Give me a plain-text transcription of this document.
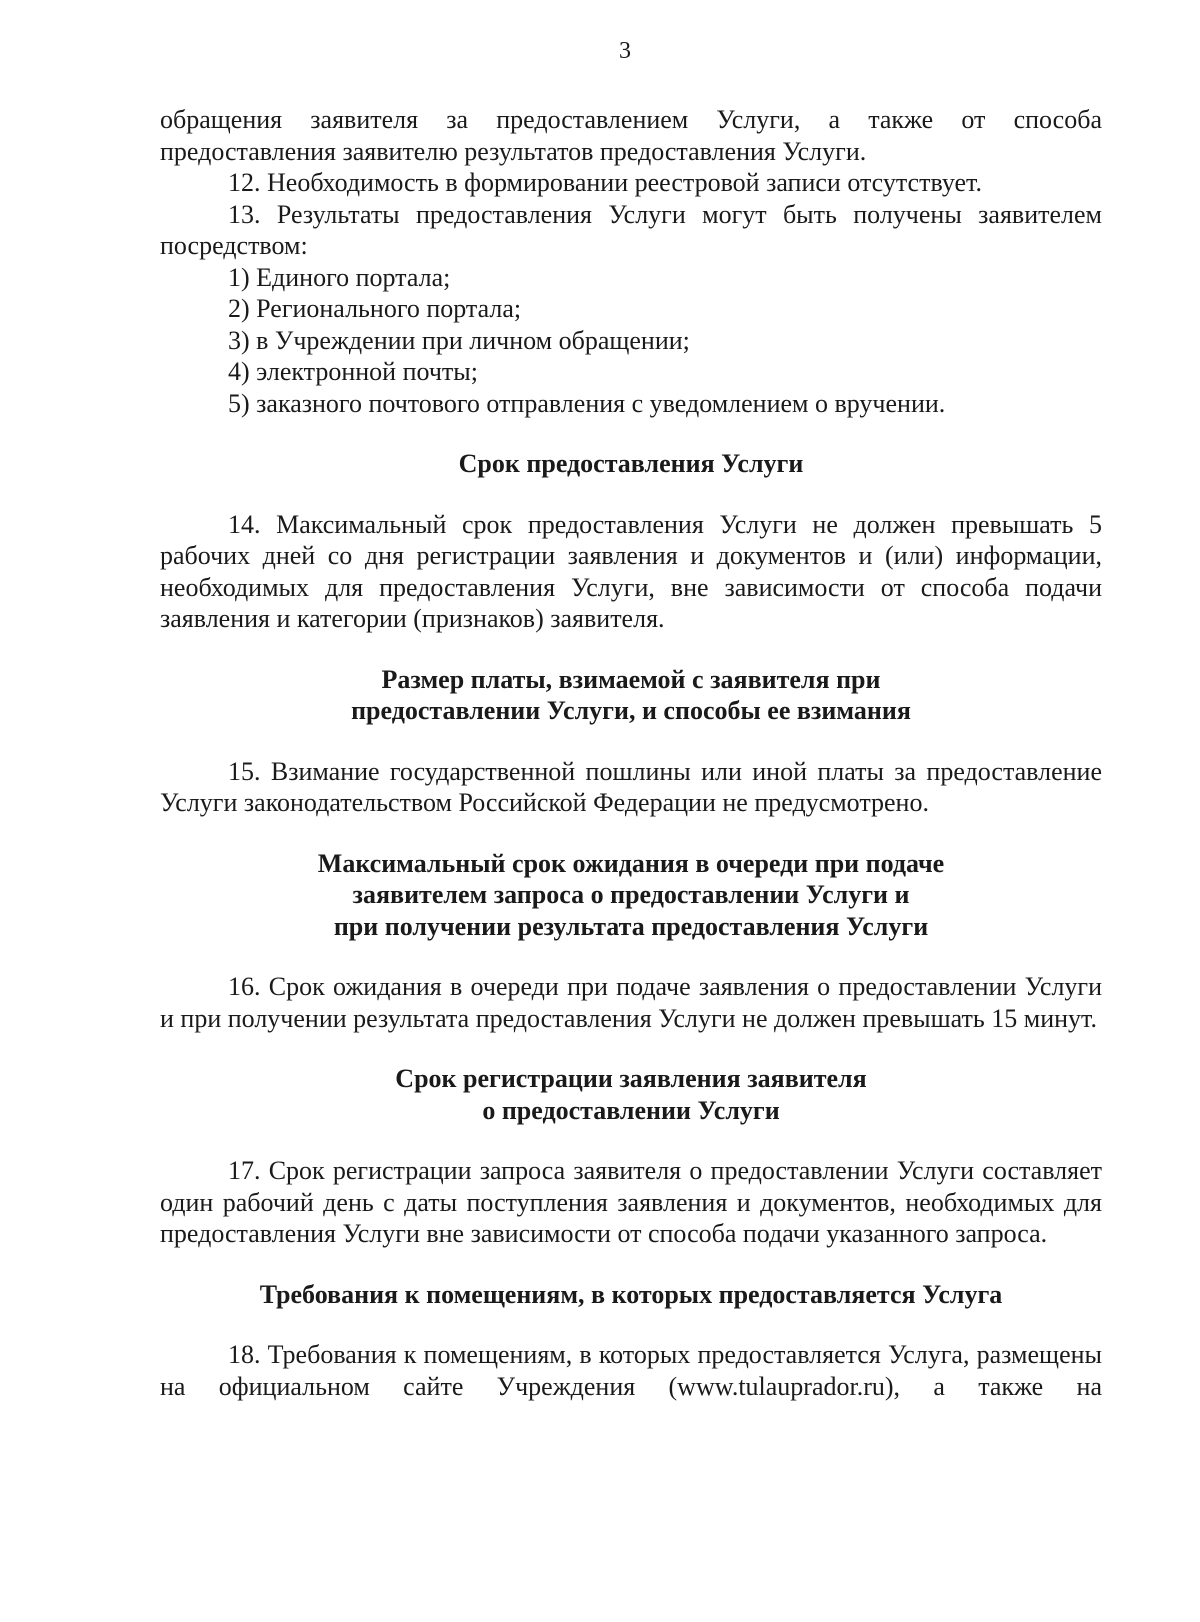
3

обращения заявителя за предоставлением Услуги, а также от способа предоставления заявителю результатов предоставления Услуги.

12. Необходимость в формировании реестровой записи отсутствует.

13. Результаты предоставления Услуги могут быть получены заявителем посредством:

1) Единого портала;

2) Регионального портала;

3) в Учреждении при личном обращении;

4) электронной почты;

5) заказного почтового отправления с уведомлением о вручении.

Срок предоставления Услуги

14. Максимальный срок предоставления Услуги не должен превышать 5 рабочих дней со дня регистрации заявления и документов и (или) информации, необходимых для предоставления Услуги, вне зависимости от способа подачи заявления и категории (признаков) заявителя.

Размер платы, взимаемой с заявителя при
предоставлении Услуги, и способы ее взимания

15. Взимание государственной пошлины или иной платы за предоставление Услуги законодательством Российской Федерации не предусмотрено.

Максимальный срок ожидания в очереди при подаче
заявителем запроса о предоставлении Услуги и
при получении результата предоставления Услуги

16. Срок ожидания в очереди при подаче заявления о предоставлении Услуги и при получении результата предоставления Услуги не должен превышать 15 минут.

Срок регистрации заявления заявителя
о предоставлении Услуги

17. Срок регистрации запроса заявителя о предоставлении Услуги составляет один рабочий день с даты поступления заявления и документов, необходимых для предоставления Услуги вне зависимости от способа подачи указанного запроса.

Требования к помещениям, в которых предоставляется Услуга

18. Требования к помещениям, в которых предоставляется Услуга, размещены на официальном сайте Учреждения (www.tulauprador.ru), а также на
